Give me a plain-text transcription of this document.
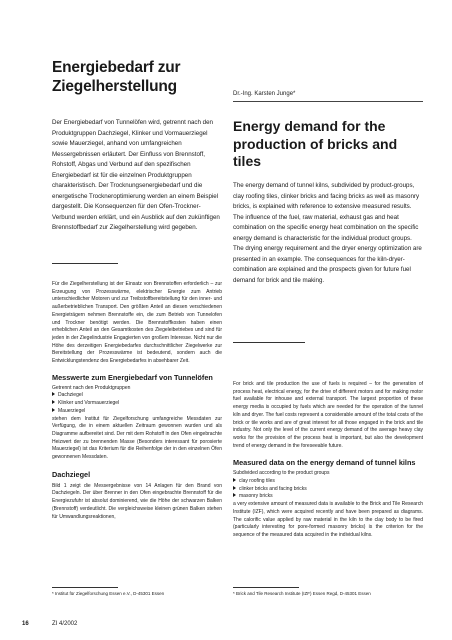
Energiebedarf zur
Ziegelherstellung	Dr.-Ing. Karsten Junge*
Energy demand for the
production of bricks and
tiles

Der Energiebedarf von Tunnelöfen wird, getrennt nach den Produktgruppen Dachziegel, Klinker und Vormauerziegel sowie Mauerziegel, anhand von umfangreichen Messergebnissen erläutert. Der Einfluss von Brennstoff, Rohstoff, Abgas und Verbund auf den spezifischen Energiebedarf ist für die einzelnen Produktgruppen charakteristisch. Der Trocknungsenergiebedarf und die energetische Trockneroptimierung werden an einem Beispiel dargestellt. Die Konsequenzen für den Ofen-Trockner-Verbund werden erklärt, und ein Ausblick auf den zukünftigen Brennstoffbedarf zur Ziegelherstellung wird gegeben.

The energy demand of tunnel kilns, subdivided by product-groups, clay roofing tiles, clinker bricks and facing bricks as well as masonry bricks, is explained with reference to extensive measured results. The influence of the fuel, raw material, exhaust gas and heat combination on the specific energy heat combination on the specific energy demand is characteristic for the individual product groups. The drying energy requirement and the dryer energy optimization are presented in an example. The consequences for the kiln-dryer-combination are explained and the prospects given for future fuel demand for brick and tile making.

Für die Ziegelherstellung ist der Einsatz von Brennstoffen erforderlich – zur Erzeugung von Prozesswärme, elektrischer Energie zum Antrieb unterschiedlicher Motoren und zur Treibstoffbereitstellung für den inner- und außerbetrieblichen Transport. Den größten Anteil an diesen verschiedenen Energieträgern nehmen Brennstoffe ein, die zum Betrieb von Tunnelofen und Trockner benötigt werden. Die Brennstoffkosten haben einen erheblichen Anteil an den Gesamtkosten des Ziegeleibetriebes und sind für jeden in der Ziegelindustrie Engagierten von großem Interesse. Nicht nur die Höhe des derzeitigen Energiebedarfes durchschnittlicher Ziegelwerke zur Bereitstellung der Prozesswärme ist bedeutend, sondern auch die Entwicklungstendenz des Energiebedarfes in absehbarer Zeit.

Messwerte zum Energiebedarf von Tunnelöfen

Getrennt nach den Produktgruppen

Dachziegel
Klinker und Vormauerziegel
Mauerziegel

stehen dem Institut für Ziegelforschung umfangreiche Messdaten zur Verfügung, die in einem aktuellen Zeitraum gewonnen wurden und als Diagramme aufbereitet sind. Der mit dem Rohstoff in den Ofen eingebrachte Heizwert der zu brennenden Masse (Besonders interessant für porosierte Mauerziegel) ist das Kriterium für die Reihenfolge der in den einzelnen Öfen gewonnenen Messdaten.

Dachziegel

Bild 1 zeigt die Messergebnisse von 14 Anlagen für den Brand von Dachziegeln. Der über Brenner in den Ofen eingebrachte Brennstoff für die Energiezufuhr ist absolut dominierend, wie die Höhe der schwarzen Balken (Brennstoff) verdeutlicht. Die vergleichsweise kleinen grünen Balken stehen für Umwandlungsreaktionen,

For brick and tile production the use of fuels is required – for the generation of process heat, electrical energy, for the drive of different motors and for making motor fuel available for inhouse and external transport. The largest proportion of these energy media is occupied by fuels which are needed for the operation of the tunnel kiln and dryer. The fuel costs represent a considerable amount of the total costs of the brick or tile works and are of great interest for all those engaged in the brick and tile industry. Not only the level of the current energy demand of the average heavy clay works for the provision of the process heat is important, but also the development trend of energy demand in the foreseeable future.

Measured data on the energy demand of tunnel kilns

Subdivided according to the product groups

clay roofing tiles
clinker bricks and facing bricks
masonry bricks

a very extensive amount of measured data is available to the Brick and Tile Research Institute (IZF), which were acquired recently and have been prepared as diagrams. The calorific value applied by raw material in the kiln to the clay body to be fired (particularly interesting for pore-formed masonry bricks) is the criterion for the sequence of the measured data acquired in the individual kilns.

* Institut für Ziegelforschung Essen e.V., D-45301 Essen	* Brick and Tile Research Institute (IZF) Essen Regd, D-45301 Essen

16	ZI 4/2002
